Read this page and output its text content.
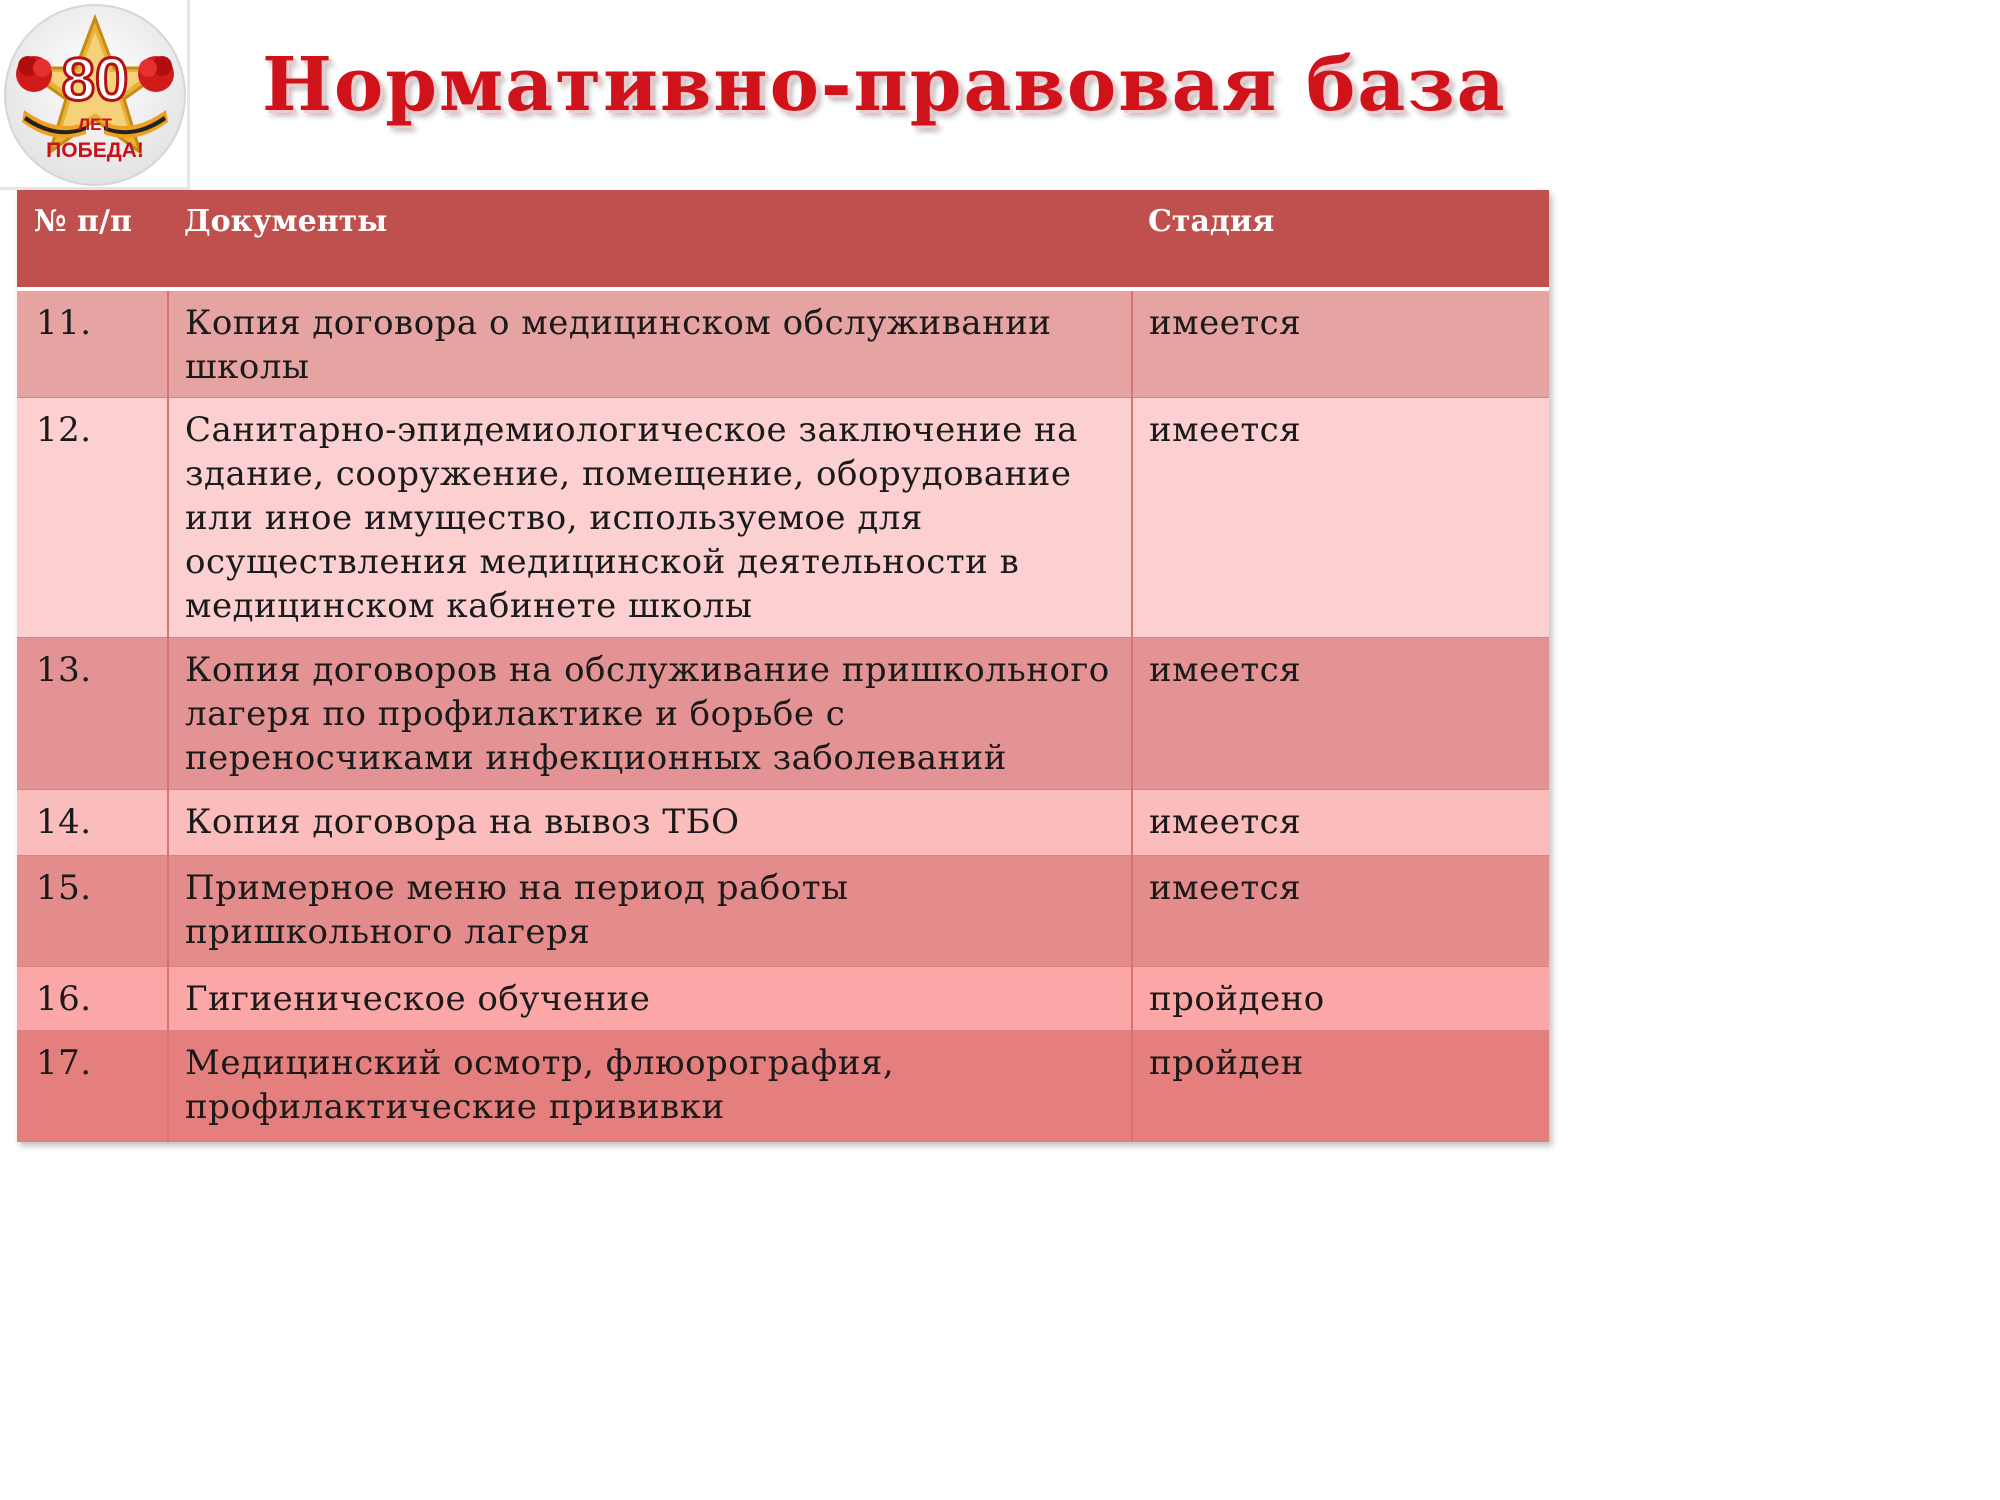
80
ЛЕТ
ПОБЕДА!
Нормативно-правовая база
№ п/п	Документы	Стадия
11.	Копия договора о медицинском обслуживании школы	имеется
12.	Санитарно-эпидемиологическое заключение на здание, сооружение, помещение, оборудование или иное имущество, используемое для осуществления медицинской деятельности в медицинском кабинете школы	имеется
13.	Копия договоров на обслуживание пришкольного лагеря по профилактике и борьбе с переносчиками инфекционных заболеваний	имеется
14.	Копия договора на вывоз ТБО	имеется
15.	Примерное меню на период работы пришкольного лагеря	имеется
16.	Гигиеническое обучение	пройдено
17.	Медицинский осмотр, флюорография, профилактические прививки	пройден
